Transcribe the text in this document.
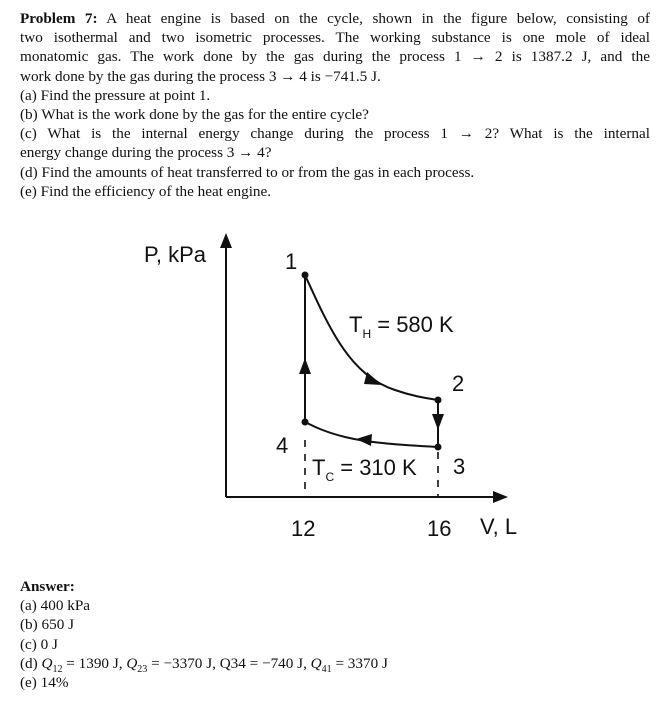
Problem 7: A heat engine is based on the cycle, shown in the figure below, consisting of
two isothermal and two isometric processes. The working substance is one mole of ideal
monatomic gas. The work done by the gas during the process 1 → 2 is 1387.2 J, and the
work done by the gas during the process 3 → 4 is −741.5 J.
(a) Find the pressure at point 1.
(b) What is the work done by the gas for the entire cycle?
(c) What is the internal energy change during the process 1 → 2? What is the internal
energy change during the process 3 → 4?
(d) Find the amounts of heat transferred to or from the gas in each process.
(e) Find the efficiency of the heat engine.
P, kPa
V, L
12	16
1
2
3
4
$T_H = 580$ K
$T_C = 310$ K
Answer:
(a) 400 kPa
(b) 650 J
(c) 0 J
(d) $Q_{12} = 1390$ J, $Q_{23} = -3370$ J, Q34 = −740 J, $Q_{41} = 3370$ J
(e) 14%
